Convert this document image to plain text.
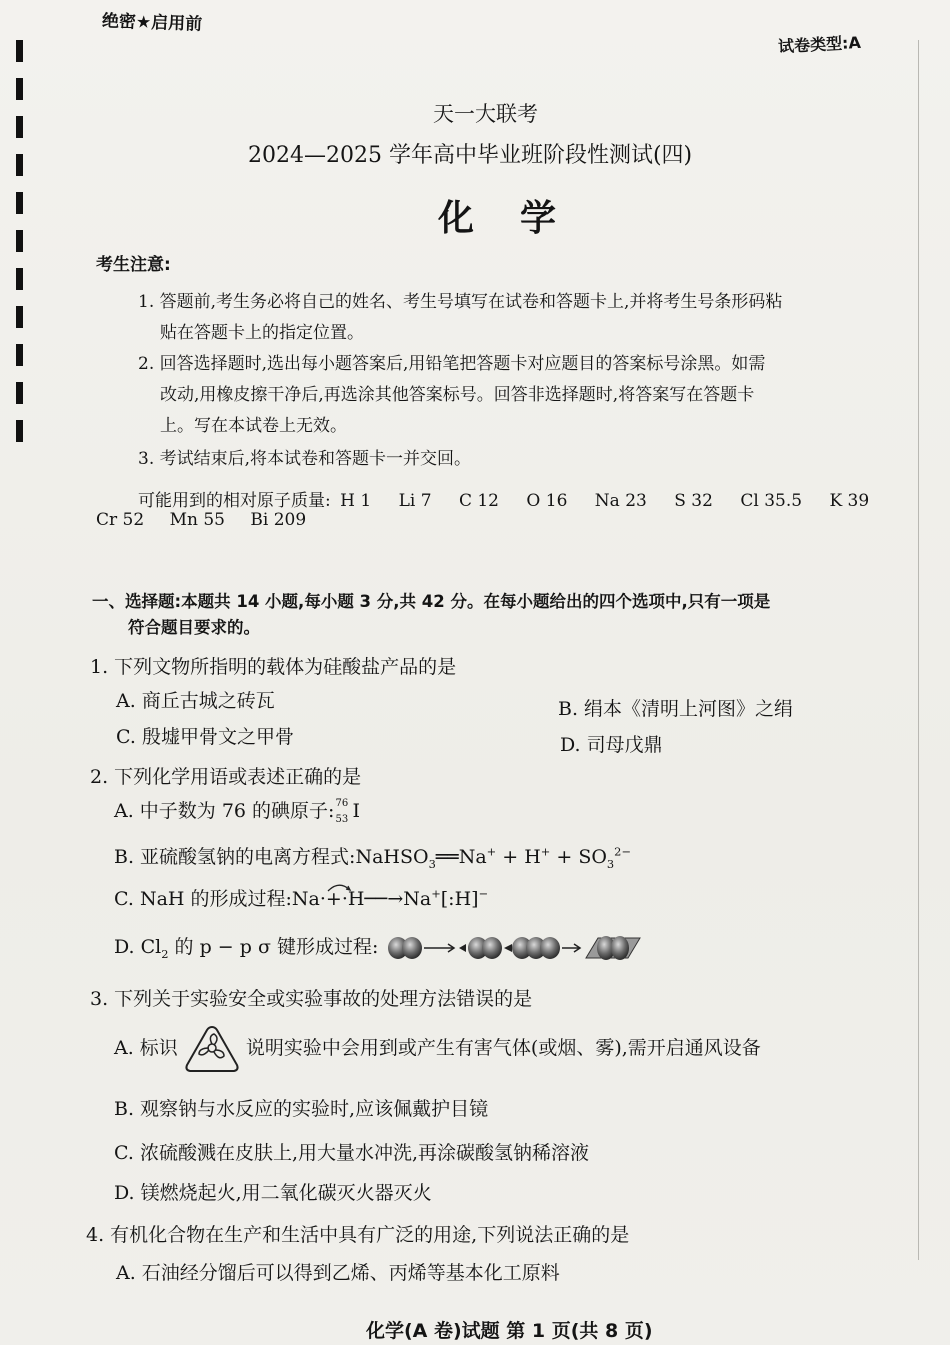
绝密★启用前
试卷类型:A
天一大联考
2024—2025 学年高中毕业班阶段性测试(四)
化学
考生注意:
1. 答题前,考生务必将自己的姓名、考生号填写在试卷和答题卡上,并将考生号条形码粘
贴在答题卡上的指定位置。
2. 回答选择题时,选出每小题答案后,用铅笔把答题卡对应题目的答案标号涂黑。如需
改动,用橡皮擦干净后,再选涂其他答案标号。回答非选择题时,将答案写在答题卡
上。写在本试卷上无效。
3. 考试结束后,将本试卷和答题卡一并交回。
可能用到的相对原子质量: H 1 Li 7 C 12 O 16 Na 23 S 32 Cl 35.5 K 39
Cr 52 Mn 55 Bi 209
一、选择题:本题共 14 小题,每小题 3 分,共 42 分。在每小题给出的四个选项中,只有一项是
符合题目要求的。
1. 下列文物所指明的载体为硅酸盐产品的是
A. 商丘古城之砖瓦	B. 绢本《清明上河图》之绢
C. 殷墟甲骨文之甲骨	D. 司母戊鼎
2. 下列化学用语或表述正确的是
A. 中子数为 76 的碘原子: 76
53 I
B. 亚硫酸氢钠的电离方程式:NaHSO$_3$══Na+ + $H^+ + SO_3^{2-}$
C. NaH 的形成过程:Na·
+·H──→Na+[:H]−
D. $Cl_2$ 的 p − p σ 键形成过程:
3. 下列关于实验安全或实验事故的处理方法错误的是
A. 标识	说明实验中会用到或产生有害气体(或烟、雾),需开启通风设备
B. 观察钠与水反应的实验时,应该佩戴护目镜
C. 浓硫酸溅在皮肤上,用大量水冲洗,再涂碳酸氢钠稀溶液
D. 镁燃烧起火,用二氧化碳灭火器灭火
4. 有机化合物在生产和生活中具有广泛的用途,下列说法正确的是
A. 石油经分馏后可以得到乙烯、丙烯等基本化工原料
化学(A 卷)试题 第 1 页(共 8 页)
